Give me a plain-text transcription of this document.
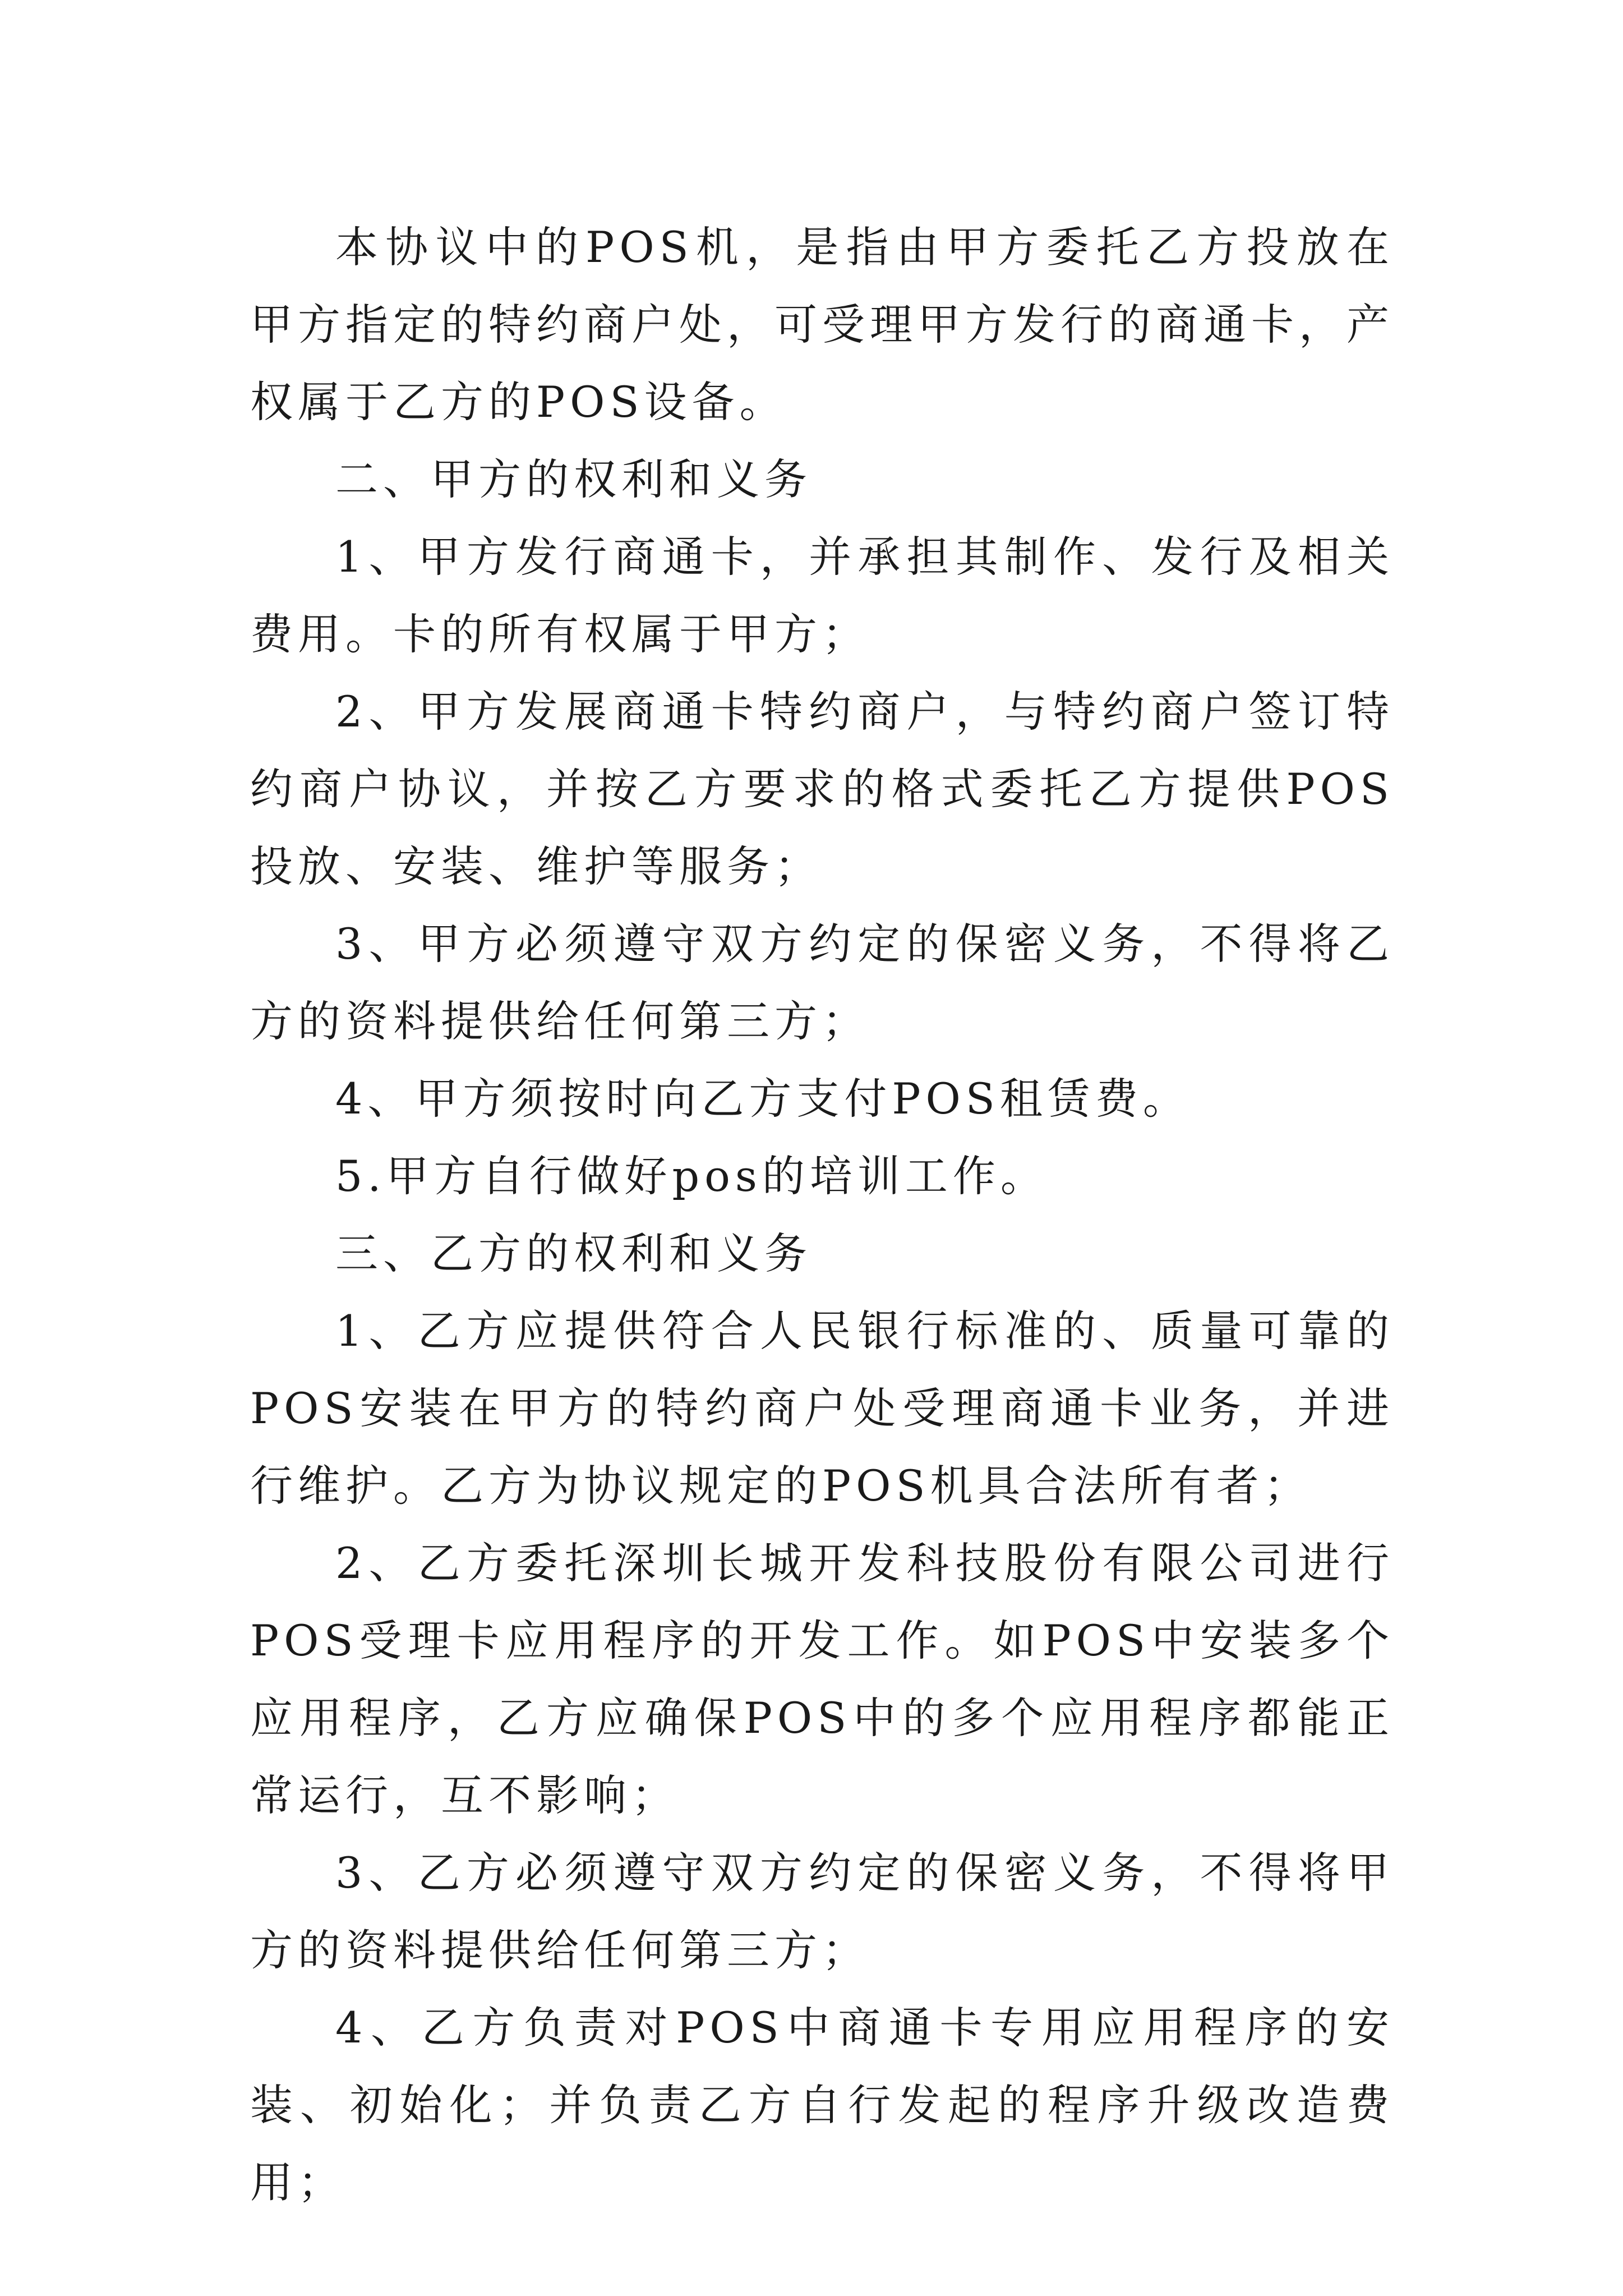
本协议中的POS机，是指由甲方委托乙方投放在甲方指定的特约商户处，可受理甲方发行的商通卡，产权属于乙方的POS设备。

二、甲方的权利和义务

1、甲方发行商通卡，并承担其制作、发行及相关费用。卡的所有权属于甲方；

2、甲方发展商通卡特约商户，与特约商户签订特约商户协议，并按乙方要求的格式委托乙方提供POS投放、安装、维护等服务；

3、甲方必须遵守双方约定的保密义务，不得将乙方的资料提供给任何第三方；

4、甲方须按时向乙方支付POS租赁费。

5.甲方自行做好pos的培训工作。

三、乙方的权利和义务

1、乙方应提供符合人民银行标准的、质量可靠的POS安装在甲方的特约商户处受理商通卡业务，并进行维护。乙方为协议规定的POS机具合法所有者；

2、乙方委托深圳长城开发科技股份有限公司进行POS受理卡应用程序的开发工作。如POS中安装多个应用程序，乙方应确保POS中的多个应用程序都能正常运行，互不影响；

3、乙方必须遵守双方约定的保密义务，不得将甲方的资料提供给任何第三方；

4、乙方负责对POS中商通卡专用应用程序的安装、初始化；并负责乙方自行发起的程序升级改造费用；
